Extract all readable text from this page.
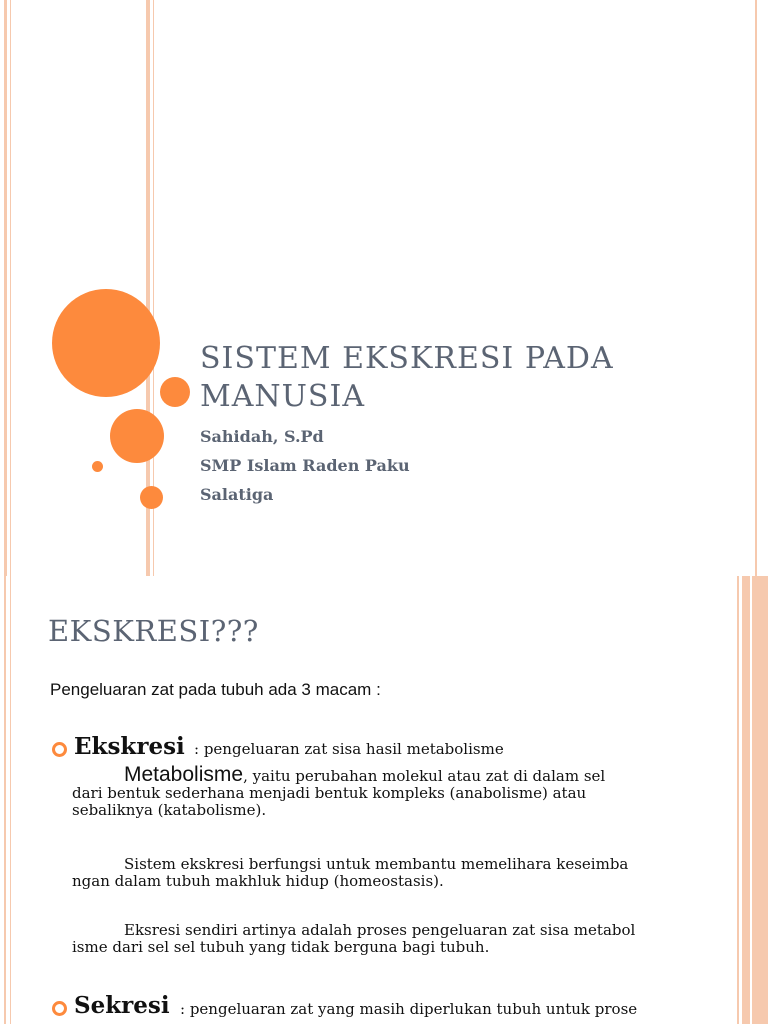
SISTEM EKSKRESI PADA MANUSIA
Sahidah, S.Pd
SMP Islam Raden Paku
Salatiga
EKSKRESI???
Pengeluaran zat pada tubuh ada 3 macam :
Ekskresi : pengeluaran zat sisa hasil metabolisme
Metabolisme, yaitu perubahan molekul atau zat di dalam sel
dari bentuk sederhana menjadi bentuk kompleks (anabolisme) atau
sebaliknya (katabolisme).
Sistem ekskresi berfungsi untuk membantu memelihara keseimba
ngan dalam tubuh makhluk hidup (homeostasis).
Eksresi sendiri artinya adalah proses pengeluaran zat sisa metabol
isme dari sel sel tubuh yang tidak berguna bagi tubuh.
Sekresi : pengeluaran zat yang masih diperlukan tubuh untuk prose
